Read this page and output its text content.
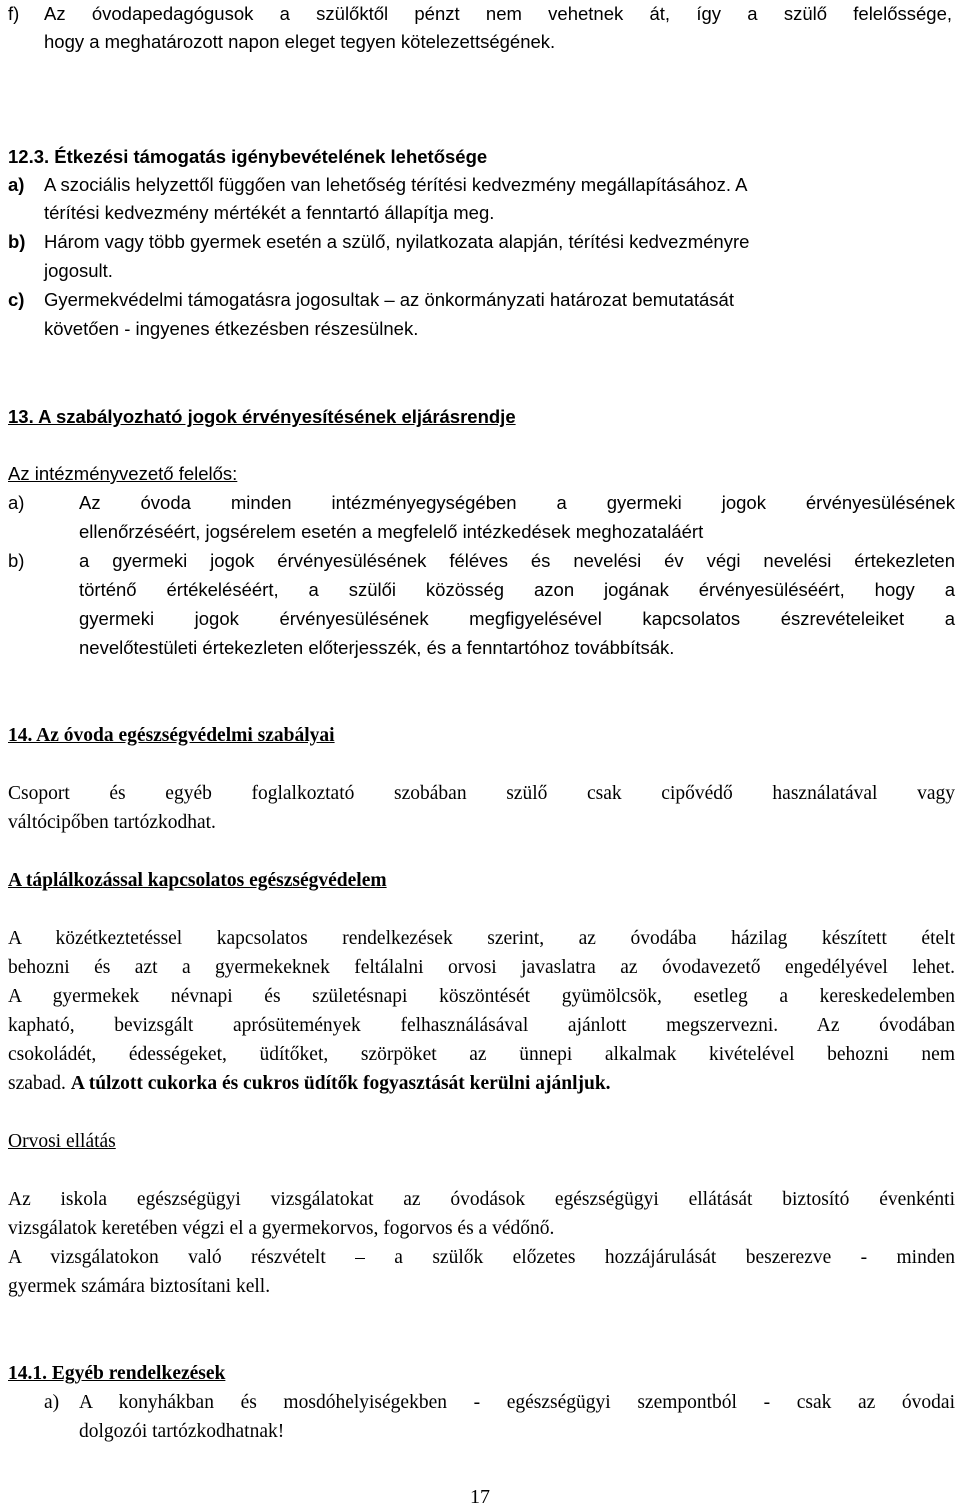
f) Az óvodapedagógusok a szülőktől pénzt nem vehetnek át, így a szülő felelőssége,
hogy a meghatározott napon eleget tegyen kötelezettségének.
12.3. Étkezési támogatás igénybevételének lehetősége
a) A szociális helyzettől függően van lehetőség térítési kedvezmény megállapításához. A
térítési kedvezmény mértékét a fenntartó állapítja meg.
b) Három vagy több gyermek esetén a szülő, nyilatkozata alapján, térítési kedvezményre
jogosult.
c) Gyermekvédelmi támogatásra jogosultak – az önkormányzati határozat bemutatását
követően - ingyenes étkezésben részesülnek.
13. A szabályozható jogok érvényesítésének eljárásrendje
Az intézményvezető felelős:
a)	Az óvoda minden intézményegységében a gyermeki jogok érvényesülésének
ellenőrzéséért, jogsérelem esetén a megfelelő intézkedések meghozataláért
b)	a gyermeki jogok érvényesülésének féléves és nevelési év végi nevelési értekezleten
történő értékeléséért, a szülői közösség azon jogának érvényesüléséért, hogy a
gyermeki jogok érvényesülésének megfigyelésével kapcsolatos észrevételeiket a
nevelőtestületi értekezleten előterjesszék, és a fenntartóhoz továbbítsák.
14. Az óvoda egészségvédelmi szabályai
Csoport és egyéb foglalkoztató szobában szülő csak cipővédő használatával vagy
váltócipőben tartózkodhat.
A táplálkozással kapcsolatos egészségvédelem
A közétkeztetéssel kapcsolatos rendelkezések szerint, az óvodába házilag készített ételt
behozni és azt a gyermekeknek feltálalni orvosi javaslatra az óvodavezető engedélyével lehet.
A gyermekek névnapi és születésnapi köszöntését gyümölcsök, esetleg a kereskedelemben
kapható, bevizsgált aprósütemények felhasználásával ajánlott megszervezni. Az óvodában
csokoládét, édességeket, üdítőket, szörpöket az ünnepi alkalmak kivételével behozni nem
szabad. A túlzott cukorka és cukros üdítők fogyasztását kerülni ajánljuk.
Orvosi ellátás
Az iskola egészségügyi vizsgálatokat az óvodások egészségügyi ellátását biztosító évenkénti
vizsgálatok keretében végzi el a gyermekorvos, fogorvos és a védőnő.
A vizsgálatokon való részvételt – a szülők előzetes hozzájárulását beszerezve - minden
gyermek számára biztosítani kell.
14.1. Egyéb rendelkezések
a) A konyhákban és mosdóhelyiségekben - egészségügyi szempontból - csak az óvodai
dolgozói tartózkodhatnak!
17
